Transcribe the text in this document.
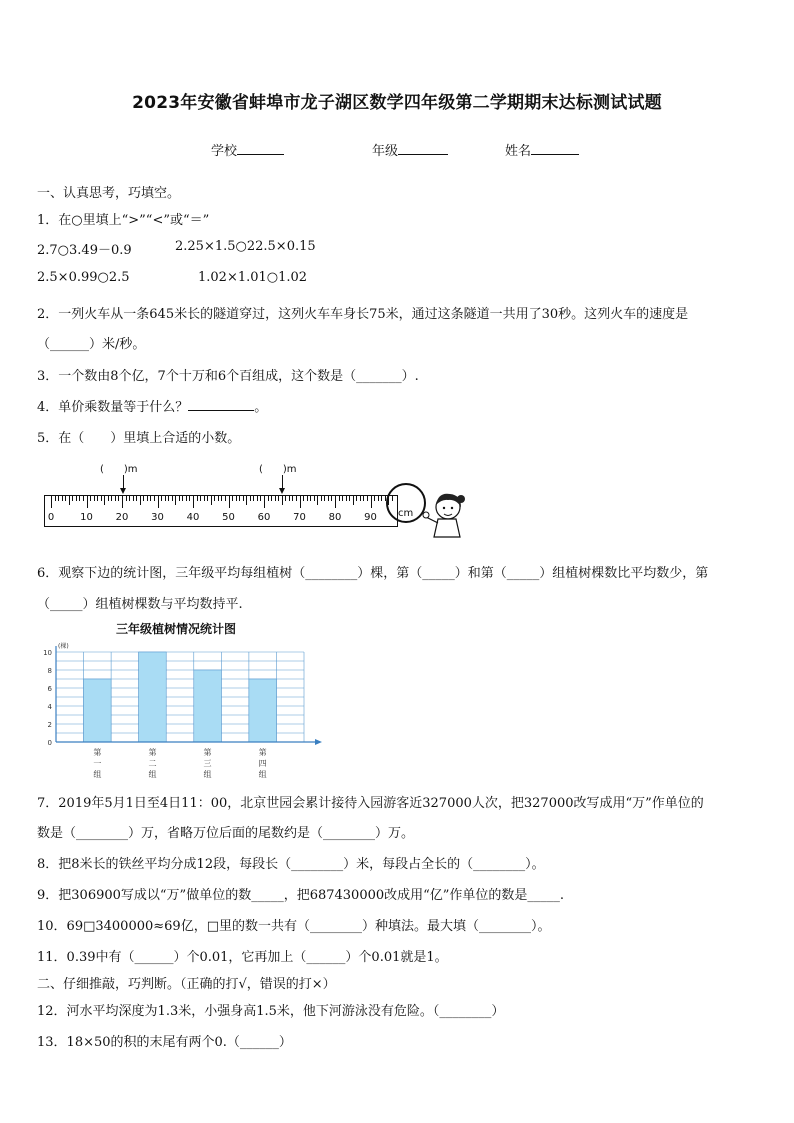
2023年安徽省蚌埠市龙子湖区数学四年级第二学期期末达标测试试题
学校	年级	姓名
一、认真思考，巧填空。
1．在○里填上“>”“<”或“＝”
2.7○3.49－0.9	2.25×1.5○22.5×0.15
2.5×0.99○2.5	1.02×1.01○1.02
2．一列火车从一条645米长的隧道穿过，这列火车车身长75米，通过这条隧道一共用了30秒。这列火车的速度是
（______）米/秒。
3．一个数由8个亿，7个十万和6个百组成，这个数是（_______）.
4．单价乘数量等于什么？	。
5．在（　　）里填上合适的小数。
(　　)m	(　　)m
0	10	20	30	40	50	60	70	80	90	cm
6．观察下边的统计图，三年级平均每组植树（________）棵，第（_____）和第（_____）组植树棵数比平均数少，第
（_____）组植树棵数与平均数持平.
三年级植树情况统计图
第
一
组
第
二
组
第
三
组
第
四
组
0
2
4
6
8
10
(棵)
7．2019年5月1日至4日11：00，北京世园会累计接待入园游客近327000人次，把327000改写成用“万”作单位的
数是（________）万，省略万位后面的尾数约是（________）万。
8．把8米长的铁丝平均分成12段，每段长（________）米，每段占全长的（________）。
9．把306900写成以“万”做单位的数_____，把687430000改成用“亿”作单位的数是_____.
10．69□3400000≈69亿，□里的数一共有（________）种填法。最大填（________）。
11．0.39中有（______）个0.01，它再加上（______）个0.01就是1。
二、仔细推敲，巧判断。（正确的打√，错误的打×）
12．河水平均深度为1.3米，小强身高1.5米，他下河游泳没有危险。（________）
13．18×50的积的末尾有两个0.（______）
